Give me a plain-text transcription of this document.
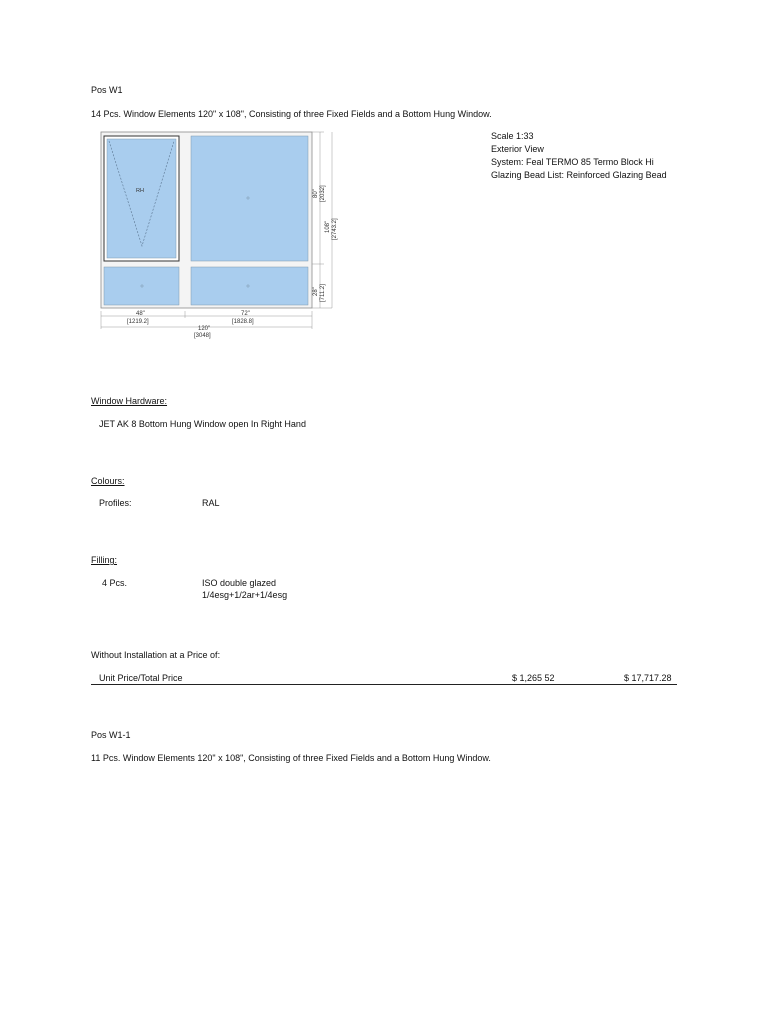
Pos W1
14 Pcs. Window Elements 120" x 108", Consisting of three Fixed Fields and a Bottom Hung Window.
RH	80" [2032]
108" [2743.2]
28" [711.2]
48"
[1219.2]
72"
[1828.8]
120"
[3048]
Scale 1:33
Exterior View
System: Feal TERMO 85 Termo Block Hi
Glazing Bead List: Reinforced Glazing Bead
Window Hardware:
JET AK 8 Bottom Hung Window open In Right Hand
Colours:
Profiles:	RAL
Filling:
4 Pcs.	ISO double glazed
1/4esg+1/2ar+1/4esg
Without Installation at a Price of:
Unit Price/Total Price	$ 1,265 52	$ 17,717.28
Pos W1-1
11 Pcs. Window Elements 120" x 108", Consisting of three Fixed Fields and a Bottom Hung Window.
